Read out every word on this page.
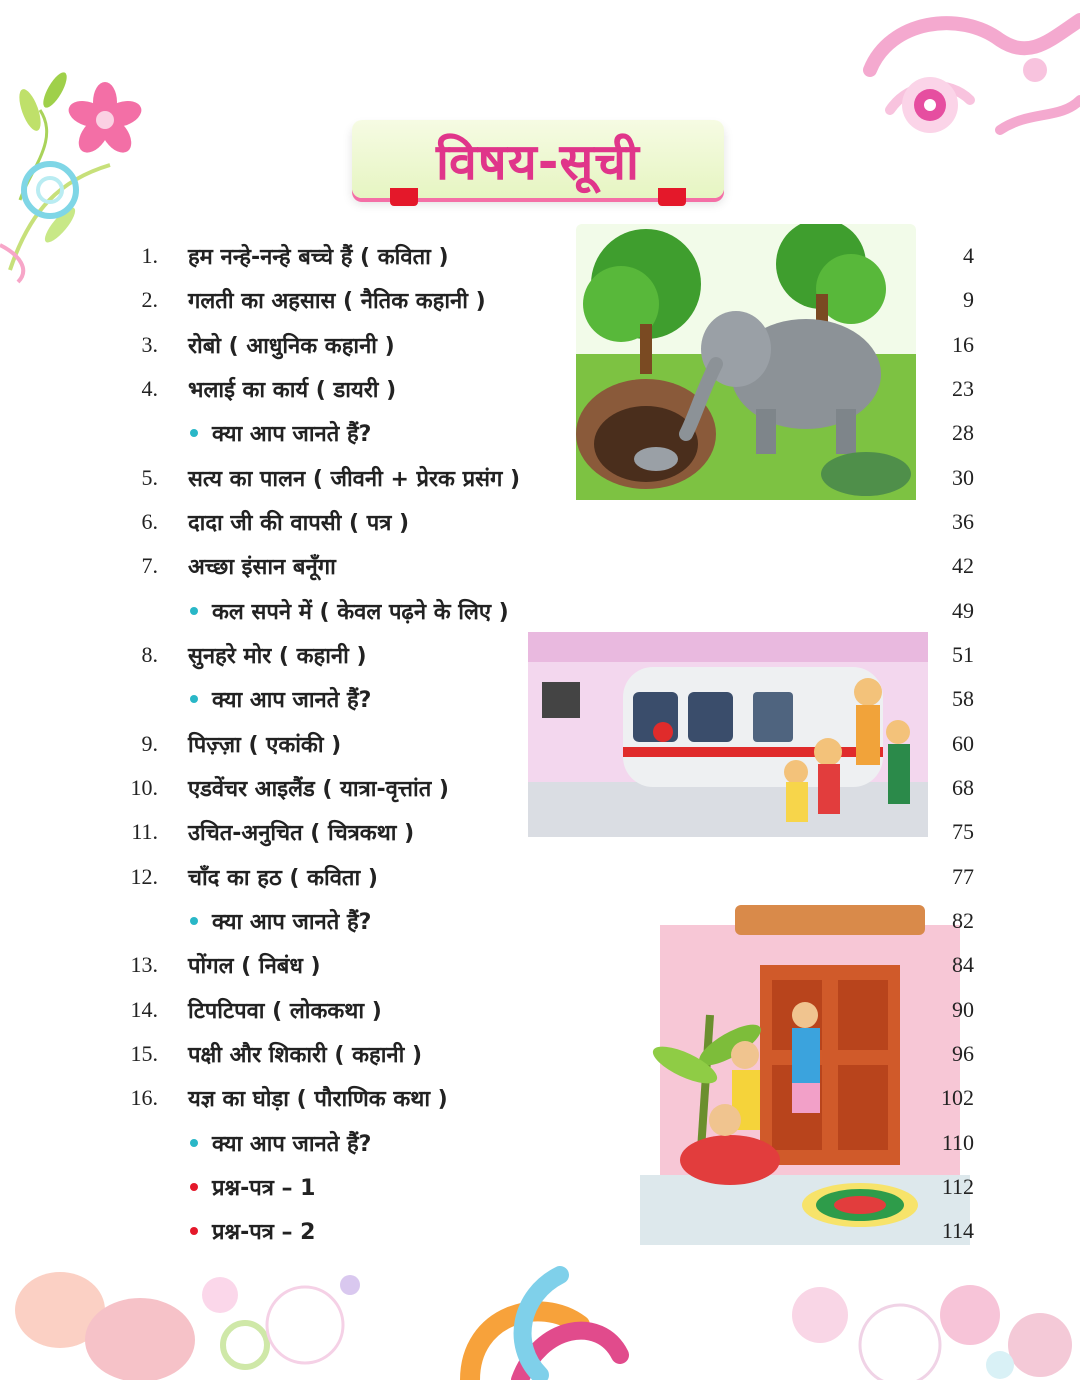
विषय-सूची
1. हम नन्हे-नन्हे बच्चे हैं ( कविता )	4
2. गलती का अहसास ( नैतिक कहानी )	9
3. रोबो ( आधुनिक कहानी )	16
4. भलाई का कार्य ( डायरी )	23
क्या आप जानते हैं?	28
5. सत्य का पालन ( जीवनी + प्रेरक प्रसंग )	30
6. दादा जी की वापसी ( पत्र )	36
7. अच्छा इंसान बनूँगा	42
कल सपने में ( केवल पढ़ने के लिए )	49
8. सुनहरे मोर ( कहानी )	51
क्या आप जानते हैं?	58
9. पिज़्ज़ा ( एकांकी )	60
10. एडवेंचर आइलैंड ( यात्रा-वृत्तांत )	68
11. उचित-अनुचित ( चित्रकथा )	75
12. चाँद का हठ ( कविता )	77
क्या आप जानते हैं?	82
13. पोंगल ( निबंध )	84
14. टिपटिपवा ( लोककथा )	90
15. पक्षी और शिकारी ( कहानी )	96
16. यज्ञ का घोड़ा ( पौराणिक कथा )	102
क्या आप जानते हैं?	110
प्रश्न-पत्र – 1	112
प्रश्न-पत्र – 2	114
